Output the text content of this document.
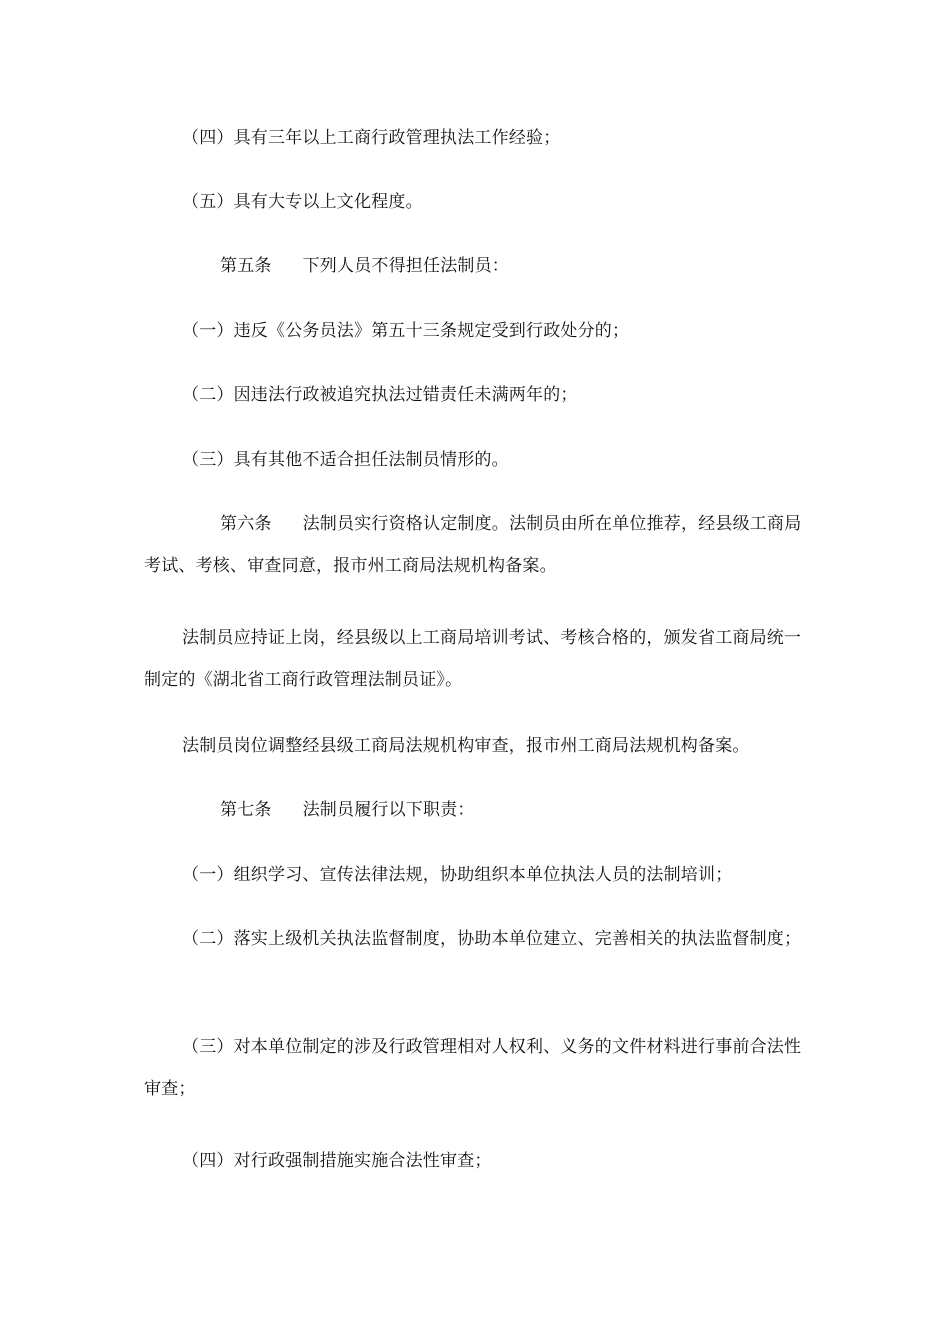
（四）具有三年以上工商行政管理执法工作经验；

（五）具有大专以上文化程度。

第五条 下列人员不得担任法制员：

（一）违反《公务员法》第五十三条规定受到行政处分的；

（二）因违法行政被追究执法过错责任未满两年的；

（三）具有其他不适合担任法制员情形的。

第六条 法制员实行资格认定制度。法制员由所在单位推荐，经县级工商局考试、考核、审查同意，报市州工商局法规机构备案。

法制员应持证上岗，经县级以上工商局培训考试、考核合格的，颁发省工商局统一制定的《湖北省工商行政管理法制员证》。

法制员岗位调整经县级工商局法规机构审查，报市州工商局法规机构备案。

第七条 法制员履行以下职责：

（一）组织学习、宣传法律法规，协助组织本单位执法人员的法制培训；

（二）落实上级机关执法监督制度，协助本单位建立、完善相关的执法监督制度；

（三）对本单位制定的涉及行政管理相对人权利、义务的文件材料进行事前合法性审查；

（四）对行政强制措施实施合法性审查；
